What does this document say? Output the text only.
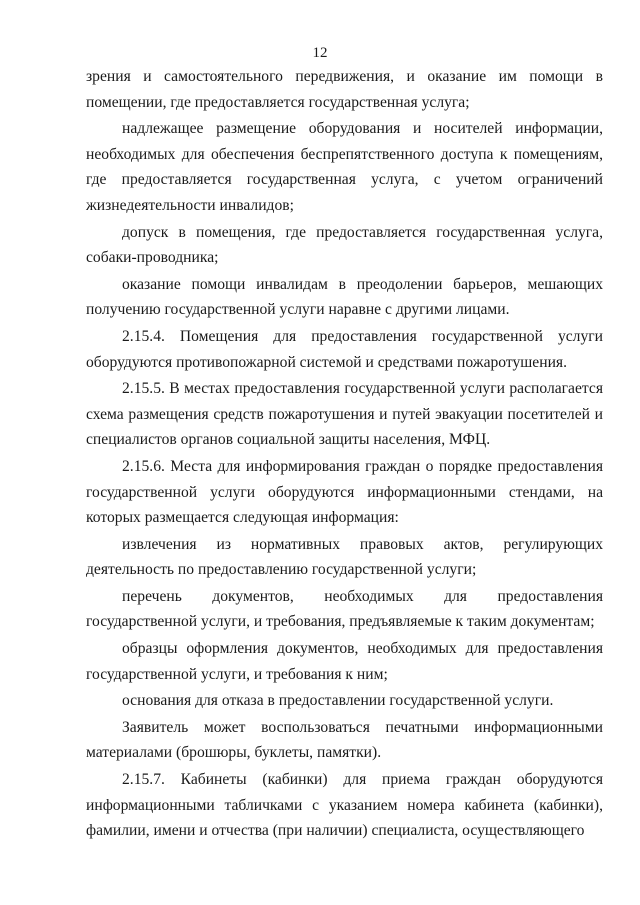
12

зрения и самостоятельного передвижения, и оказание им помощи в помещении, где предоставляется государственная услуга;

надлежащее размещение оборудования и носителей информации, необходимых для обеспечения беспрепятственного доступа к помещениям, где предоставляется государственная услуга, с учетом ограничений жизнедеятельности инвалидов;

допуск в помещения, где предоставляется государственная услуга, собаки-проводника;

оказание помощи инвалидам в преодолении барьеров, мешающих получению государственной услуги наравне с другими лицами.

2.15.4. Помещения для предоставления государственной услуги оборудуются противопожарной системой и средствами пожаротушения.

2.15.5. В местах предоставления государственной услуги располагается схема размещения средств пожаротушения и путей эвакуации посетителей и специалистов органов социальной защиты населения, МФЦ.

2.15.6. Места для информирования граждан о порядке предоставления государственной услуги оборудуются информационными стендами, на которых размещается следующая информация:

извлечения из нормативных правовых актов, регулирующих деятельность по предоставлению государственной услуги;

перечень документов, необходимых для предоставления государственной услуги, и требования, предъявляемые к таким документам;

образцы оформления документов, необходимых для предоставления государственной услуги, и требования к ним;

основания для отказа в предоставлении государственной услуги.

Заявитель может воспользоваться печатными информационными материалами (брошюры, буклеты, памятки).

2.15.7. Кабинеты (кабинки) для приема граждан оборудуются информационными табличками с указанием номера кабинета (кабинки), фамилии, имени и отчества (при наличии) специалиста, осуществляющего
